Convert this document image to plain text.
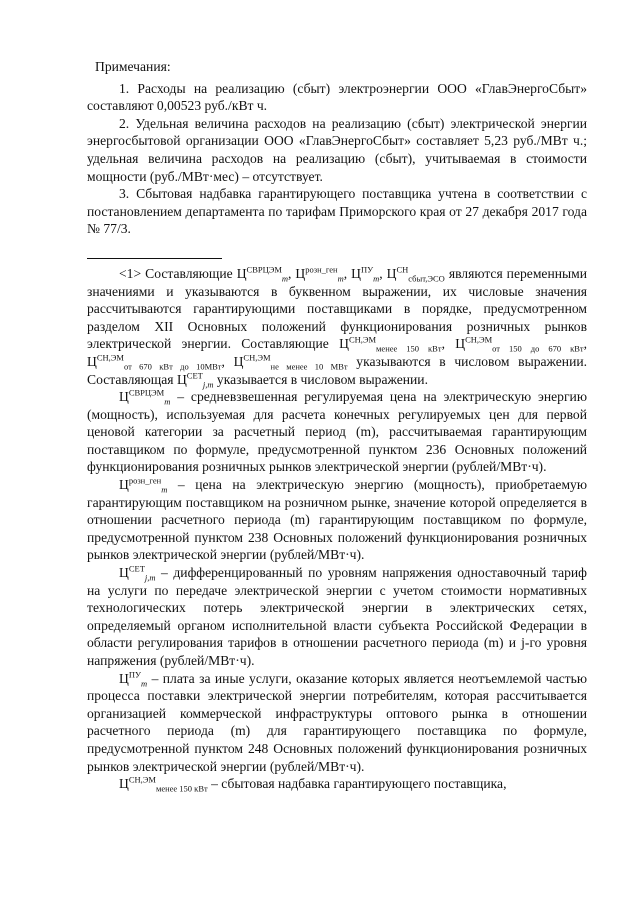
Примечания:

1. Расходы на реализацию (сбыт) электроэнергии ООО «ГлавЭнергоСбыт» составляют 0,00523 руб./кВт ч.

2. Удельная величина расходов на реализацию (сбыт) электрической энергии энергосбытовой организации ООО «ГлавЭнергоСбыт» составляет 5,23 руб./МВт ч.; удельная величина расходов на реализацию (сбыт), учитываемая в стоимости мощности (руб./МВт·мес) – отсутствует.

3. Сбытовая надбавка гарантирующего поставщика учтена в соответствии с постановлением департамента по тарифам Приморского края от 27 декабря 2017 года № 77/3.

<1> Составляющие $Ц^{СВРЦЭМ}_m$, $Ц^{розн\_ген}_m$, $Ц^{ПУ}_m$, $Ц^{СН}_{сбыт,ЭСО}$ являются переменными значениями и указываются в буквенном выражении, их числовые значения рассчитываются гарантирующими поставщиками в порядке, предусмотренном разделом XII Основных положений функционирования розничных рынков электрической энергии. Составляющие $Ц^{СН,ЭМ}_{менее 150 кВт}$, $Ц^{СН,ЭМ}_{от 150 до 670 кВт}$, $Ц^{СН,ЭМ}_{от 670 кВт до 10МВт}$, $Ц^{СН,ЭМ}_{не менее 10 МВт}$ указываются в числовом выражении. Составляющая $Ц^{СЕТ}_{j,m}$ указывается в числовом выражении.

$Ц^{СВРЦЭМ}_m$ – средневзвешенная регулируемая цена на электрическую энергию (мощность), используемая для расчета конечных регулируемых цен для первой ценовой категории за расчетный период (m), рассчитываемая гарантирующим поставщиком по формуле, предусмотренной пунктом 236 Основных положений функционирования розничных рынков электрической энергии (рублей/МВт·ч).

$Ц^{розн\_ген}_m$ – цена на электрическую энергию (мощность), приобретаемую гарантирующим поставщиком на розничном рынке, значение которой определяется в отношении расчетного периода (m) гарантирующим поставщиком по формуле, предусмотренной пунктом 238 Основных положений функционирования розничных рынков электрической энергии (рублей/МВт·ч).

$Ц^{СЕТ}_{j,m}$ – дифференцированный по уровням напряжения одноставочный тариф на услуги по передаче электрической энергии с учетом стоимости нормативных технологических потерь электрической энергии в электрических сетях, определяемый органом исполнительной власти субъекта Российской Федерации в области регулирования тарифов в отношении расчетного периода (m) и j-го уровня напряжения (рублей/МВт·ч).

$Ц^{ПУ}_m$ – плата за иные услуги, оказание которых является неотъемлемой частью процесса поставки электрической энергии потребителям, которая рассчитывается организацией коммерческой инфраструктуры оптового рынка в отношении расчетного периода (m) для гарантирующего поставщика по формуле, предусмотренной пунктом 248 Основных положений функционирования розничных рынков электрической энергии (рублей/МВт·ч).

$Ц^{СН,ЭМ}_{менее 150 кВт}$ – сбытовая надбавка гарантирующего поставщика,
